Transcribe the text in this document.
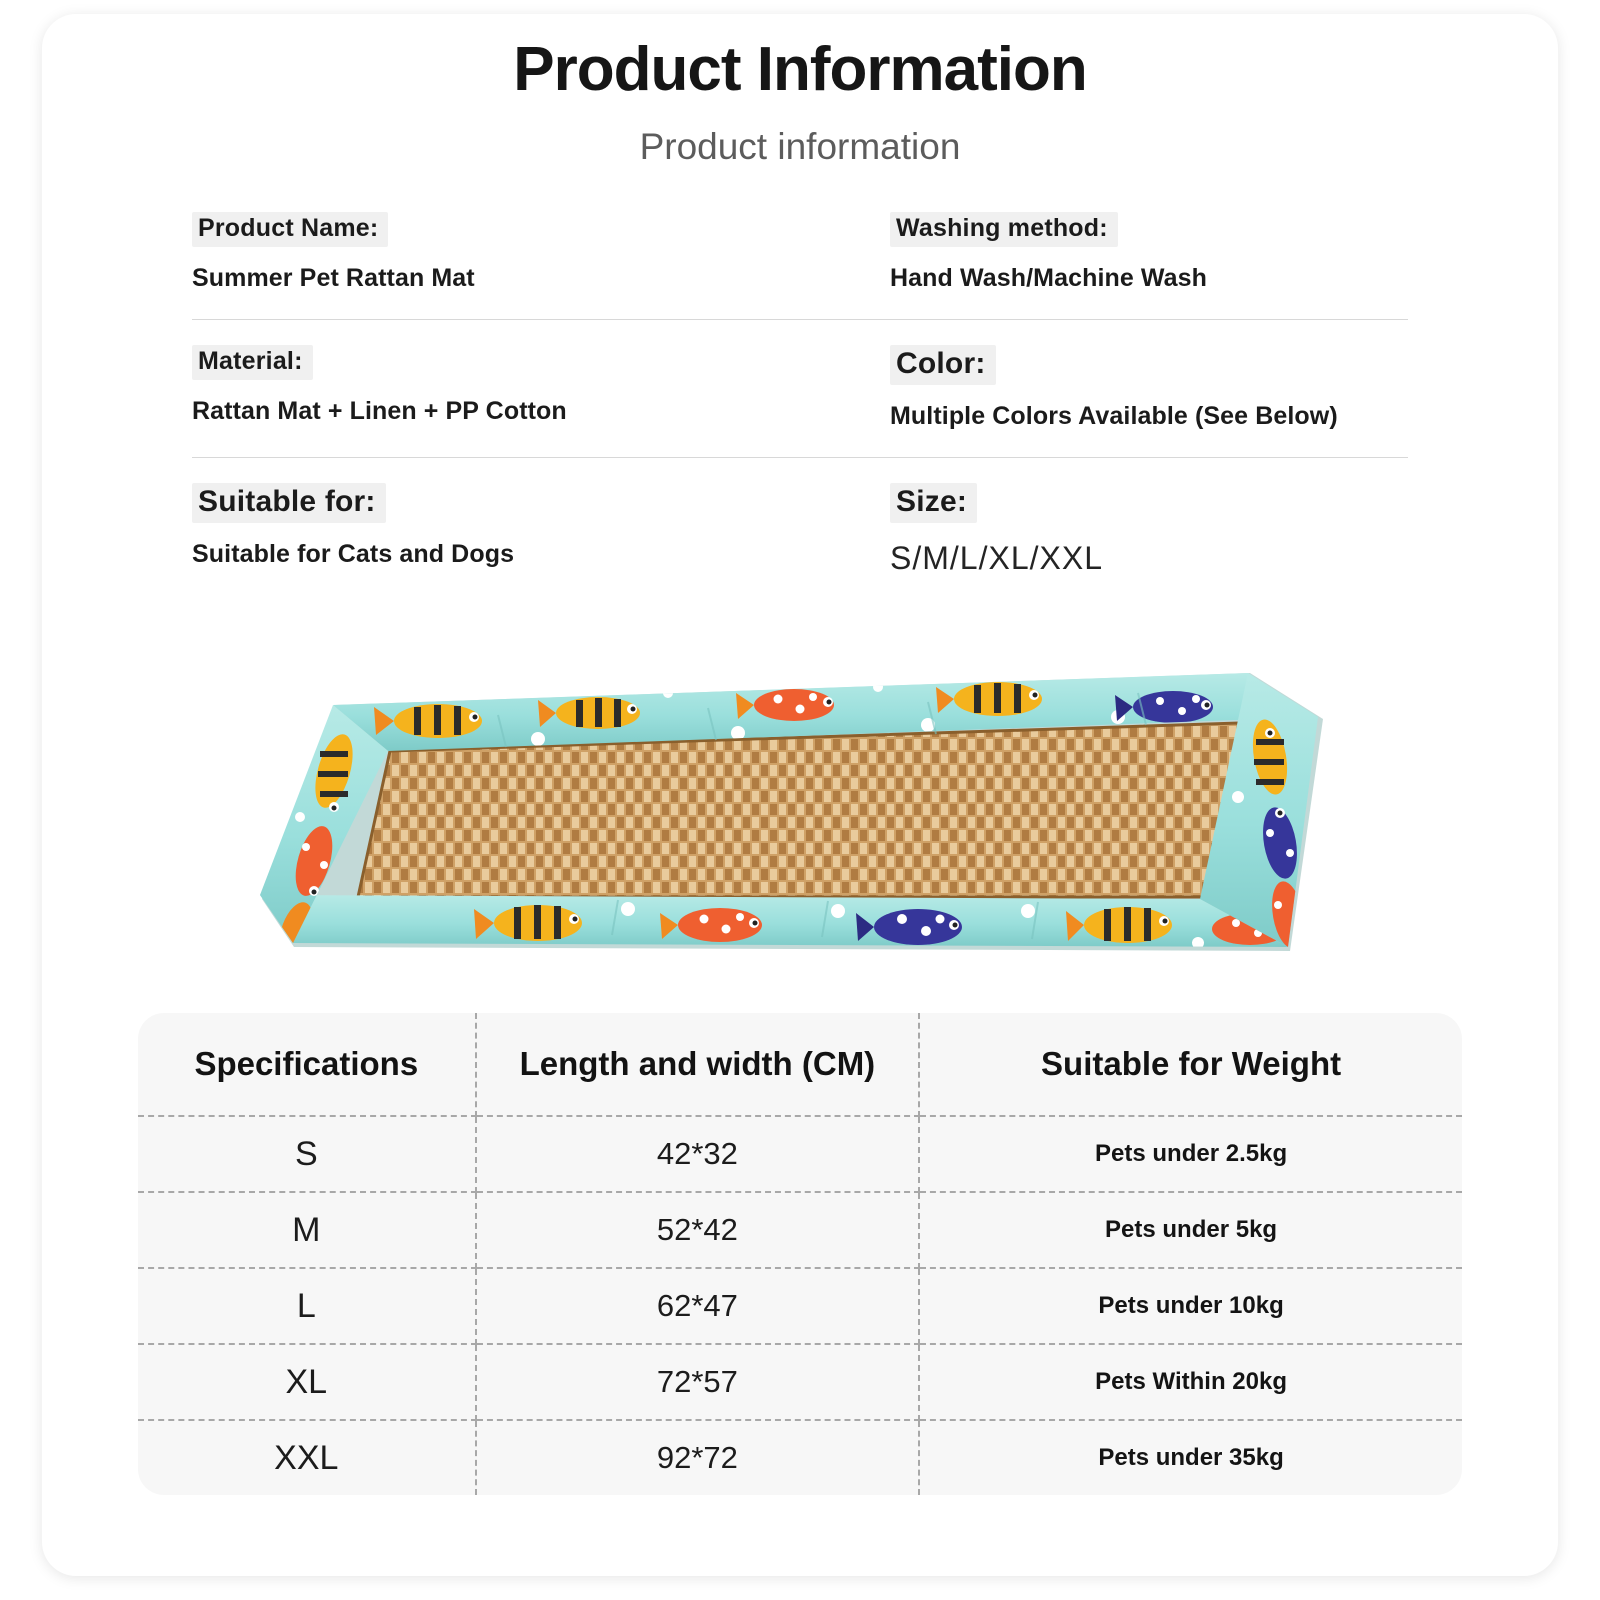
Product Information
Product information
Product Name:
Summer Pet Rattan Mat
Washing method:
Hand Wash/Machine Wash
Material:
Rattan Mat + Linen + PP Cotton
Color:
Multiple Colors Available (See Below)
Suitable for:
Suitable for Cats and Dogs
Size:
S/M/L/XL/XXL
Specifications	Length and width (CM)	Suitable for Weight
S	42*32	Pets under 2.5kg
M	52*42	Pets under 5kg
L	62*47	Pets under 10kg
XL	72*57	Pets Within 20kg
XXL	92*72	Pets under 35kg
